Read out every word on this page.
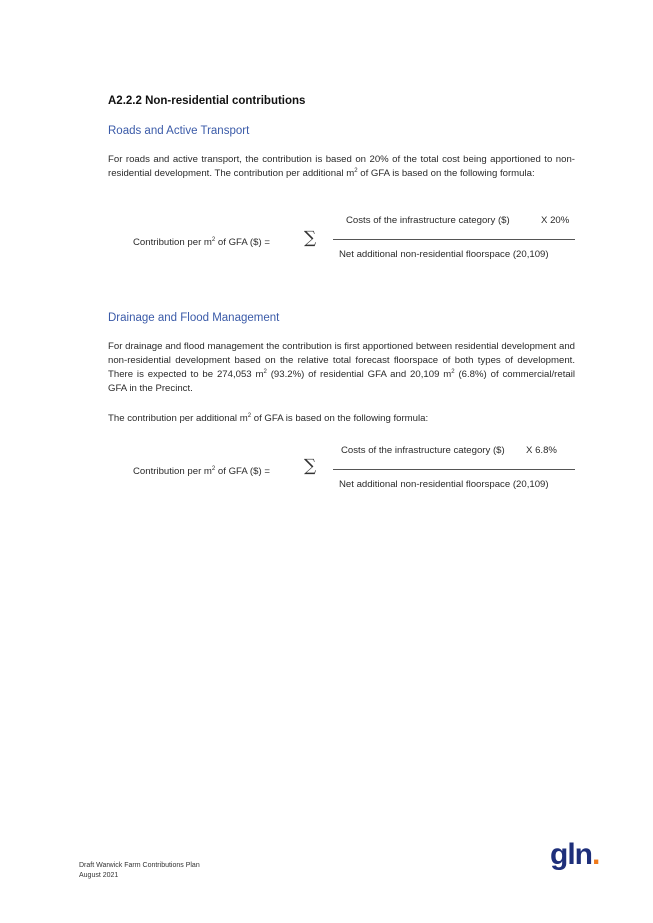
A2.2.2 Non-residential contributions
Roads and Active Transport
For roads and active transport, the contribution is based on 20% of the total cost being apportioned to non-residential development. The contribution per additional $m^2$ of GFA is based on the following formula:
Contribution per $m^2$ of GFA ($) = ∑
Costs of the infrastructure category ($)	X 20%
Net additional non-residential floorspace (20,109)
Drainage and Flood Management
For drainage and flood management the contribution is first apportioned between residential development and non-residential development based on the relative total forecast floorspace of both types of development. There is expected to be 274,053 $m^2$ (93.2%) of residential GFA and 20,109 $m^2$ (6.8%) of commercial/retail GFA in the Precinct.
The contribution per additional $m^2$ of GFA is based on the following formula:
Contribution per $m^2$ of GFA ($) = ∑
Costs of the infrastructure category ($) X 6.8%
Net additional non-residential floorspace (20,109)
Draft Warwick Farm Contributions Plan
August 2021
gln.
